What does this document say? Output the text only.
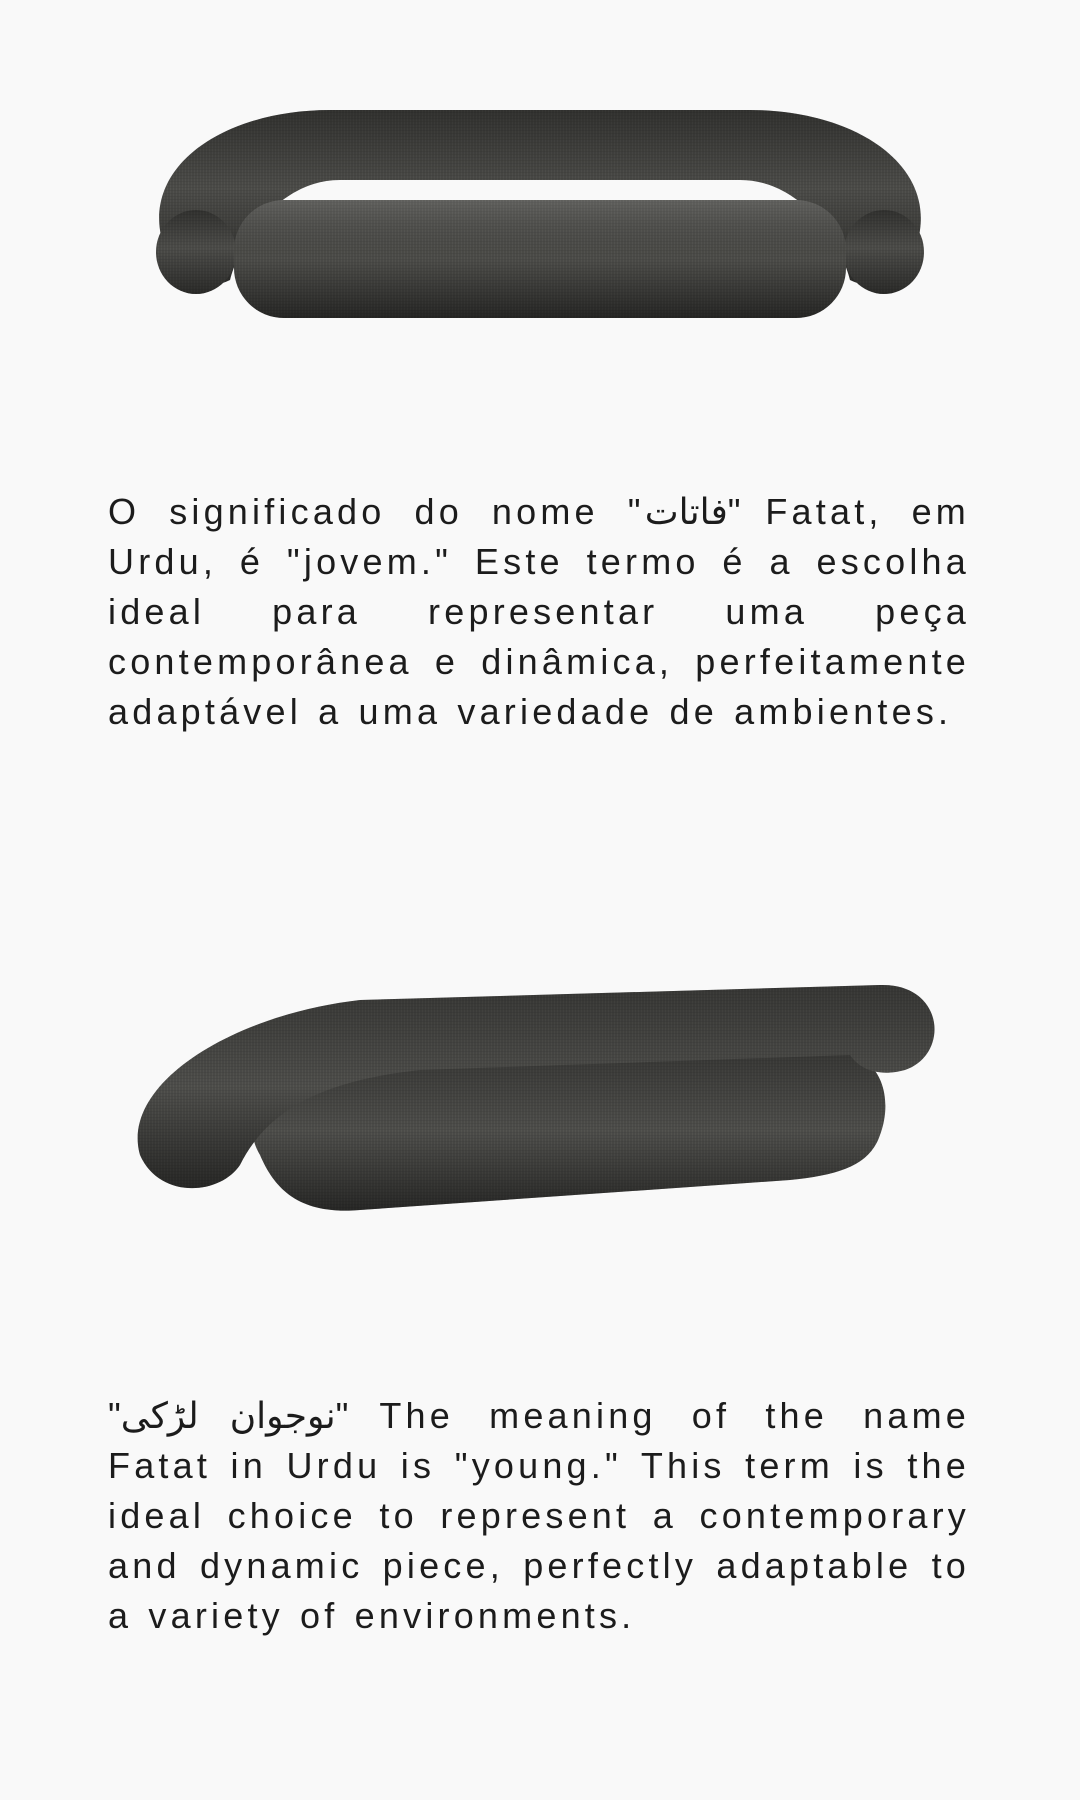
O significado do nome "فاتات" Fatat, em Urdu, é "jovem." Este termo é a escolha ideal para representar uma peça contemporânea e dinâmica, perfeitamente adaptável a uma variedade de ambientes.

"نوجوان لڑکی" The meaning of the name Fatat in Urdu is "young." This term is the ideal choice to represent a contemporary and dynamic piece, perfectly adaptable to a variety of environments.
